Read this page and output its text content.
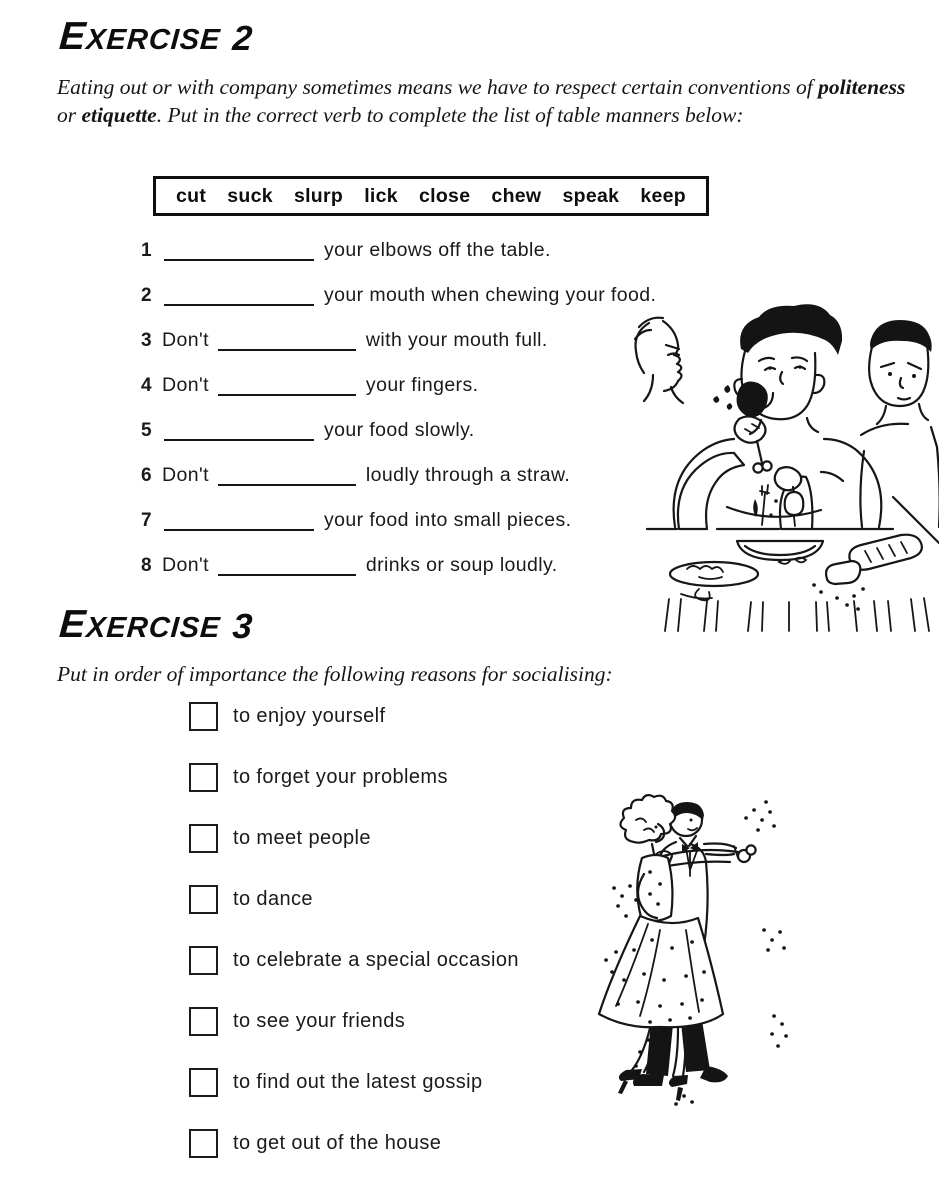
EXERCISE 2

Eating out or with company sometimes means we have to respect certain conventions of politeness or etiquette. Put in the correct verb to complete the list of table manners below:

cut suck slurp lick close chew speak keep
1	your elbows off the table.
2	your mouth when chewing your food.
3 Don't	with your mouth full.
4 Don't	your fingers.
5	your food slowly.
6 Don't	loudly through a straw.
7	your food into small pieces.
8 Don't	drinks or soup loudly.
EXERCISE 3

Put in order of importance the following reasons for socialising:

to enjoy yourself
to forget your problems
to meet people
to dance
to celebrate a special occasion
to see your friends
to find out the latest gossip
to get out of the house
